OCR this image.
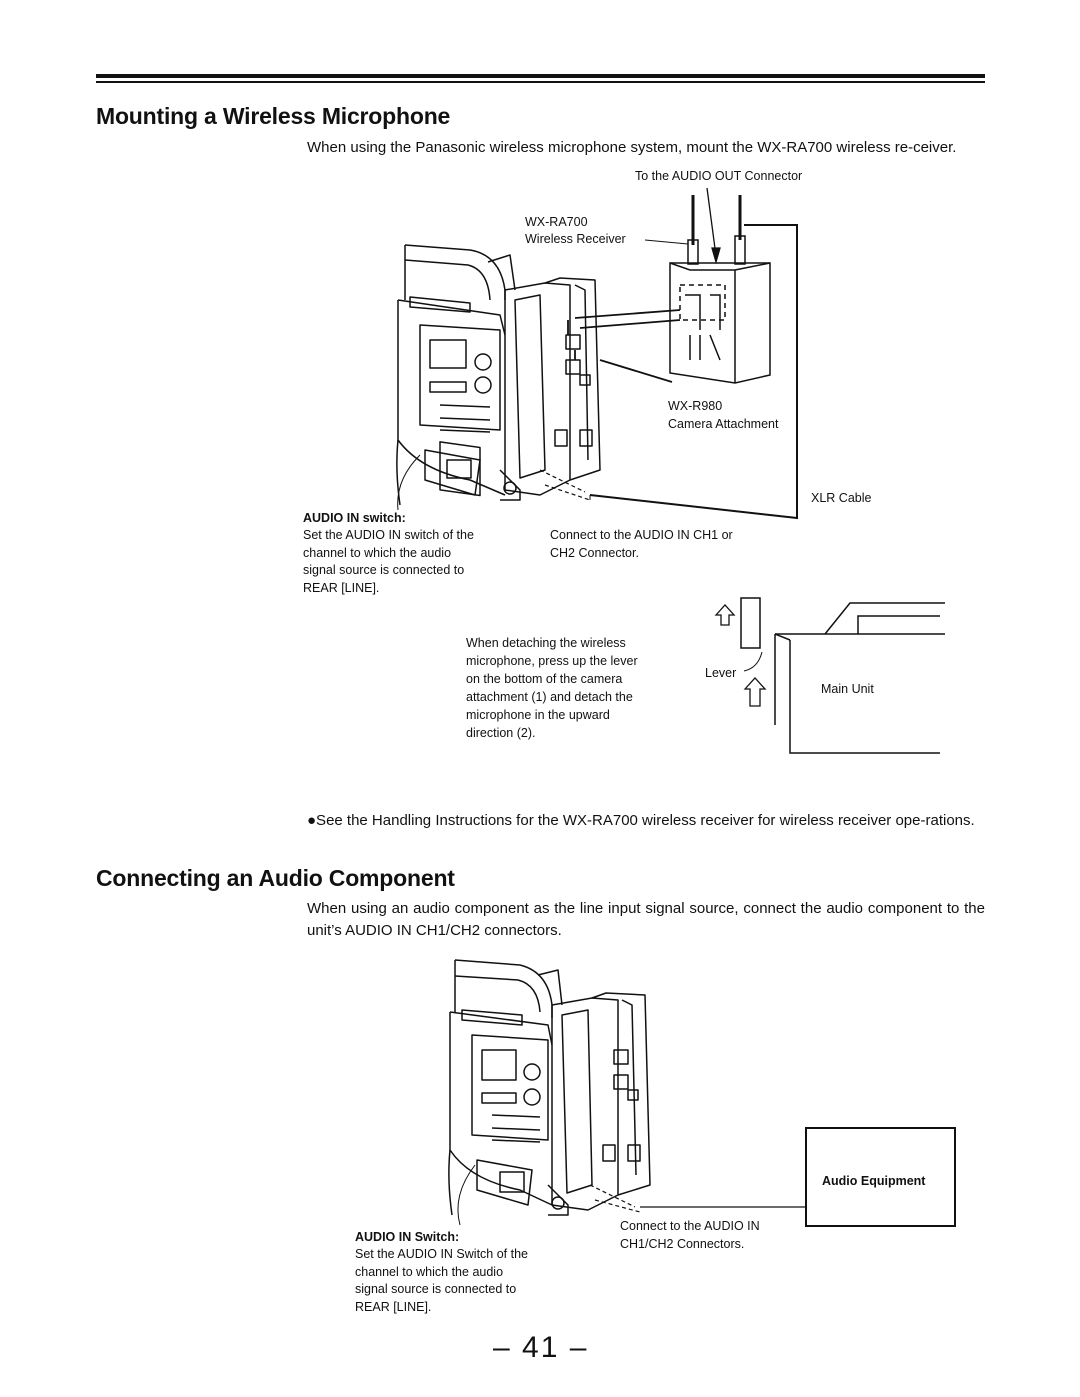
Mounting a Wireless Microphone
When using the Panasonic wireless microphone system, mount the WX-RA700 wireless re-ceiver.
To the AUDIO OUT Connector
WX-RA700
Wireless Receiver
WX-R980
Camera Attachment
XLR Cable
AUDIO IN switch:
Set the AUDIO IN switch of the channel to which the audio signal source is connected to REAR [LINE].
Connect to the AUDIO IN CH1 or CH2 Connector.
When detaching the wireless microphone, press up the lever on the bottom of the camera attachment (1) and detach the microphone in the upward direction (2).
Lever
Main Unit
●See the Handling Instructions for the WX-RA700 wireless receiver for wireless receiver ope-rations.
Connecting an Audio Component
When using an audio component as the line input signal source, connect the audio component to the unit’s AUDIO IN CH1/CH2 connectors.
Audio Equipment
Connect to the AUDIO IN CH1/CH2 Connectors.
AUDIO IN Switch:
Set the AUDIO IN Switch of the channel to which the audio signal source is connected to REAR [LINE].
– 41 –
